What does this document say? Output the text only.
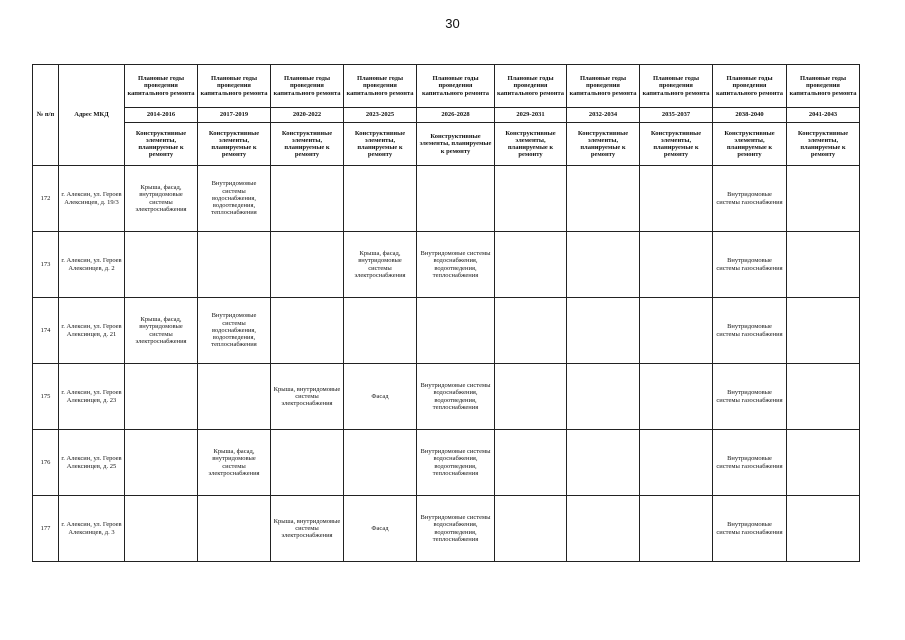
30
№ п/п	Адрес МКД	Плановые годы проведения капитального ремонта	Плановые годы проведения капитального ремонта	Плановые годы проведения капитального ремонта	Плановые годы проведения капитального ремонта	Плановые годы проведения капитального ремонта	Плановые годы проведения капитального ремонта	Плановые годы проведения капитального ремонта	Плановые годы проведения капитального ремонта	Плановые годы проведения капитального ремонта	Плановые годы проведения капитального ремонта
		2014-2016	2017-2019	2020-2022	2023-2025	2026-2028	2029-2031	2032-2034	2035-2037	2038-2040	2041-2043
		Конструктивные элементы, планируемые к ремонту	Конструктивные элементы, планируемые к ремонту	Конструктивные элементы, планируемые к ремонту	Конструктивные элементы, планируемые к ремонту	Конструктивные элементы, планируемые к ремонту	Конструктивные элементы, планируемые к ремонту	Конструктивные элементы, планируемые к ремонту	Конструктивные элементы, планируемые к ремонту	Конструктивные элементы, планируемые к ремонту	Конструктивные элементы, планируемые к ремонту
172	г. Алексин, ул. Героев Алексинцев, д. 19/3	Крыша, фасад, внутридомовые системы электроснабжения	Внутридомовые системы водоснабжения, водоотведения, теплоснабжения							Внутридомовые системы газоснабжения	
173	г. Алексин, ул. Героев Алексинцев, д. 2				Крыша, фасад, внутридомовые системы электроснабжения	Внутридомовые системы водоснабжения, водоотведения, теплоснабжения				Внутридомовые системы газоснабжения	
174	г. Алексин, ул. Героев Алексинцев, д. 21	Крыша, фасад, внутридомовые системы электроснабжения	Внутридомовые системы водоснабжения, водоотведения, теплоснабжения							Внутридомовые системы газоснабжения	
175	г. Алексин, ул. Героев Алексинцев, д. 23			Крыша, внутридомовые системы электроснабжения	Фасад	Внутридомовые системы водоснабжения, водоотведения, теплоснабжения				Внутридомовые системы газоснабжения	
176	г. Алексин, ул. Героев Алексинцев, д. 25		Крыша, фасад, внутридомовые системы электроснабжения			Внутридомовые системы водоснабжения, водоотведения, теплоснабжения				Внутридомовые системы газоснабжения	
177	г. Алексин, ул. Героев Алексинцев, д. 3			Крыша, внутридомовые системы электроснабжения	Фасад	Внутридомовые системы водоснабжения, водоотведения, теплоснабжения				Внутридомовые системы газоснабжения	
